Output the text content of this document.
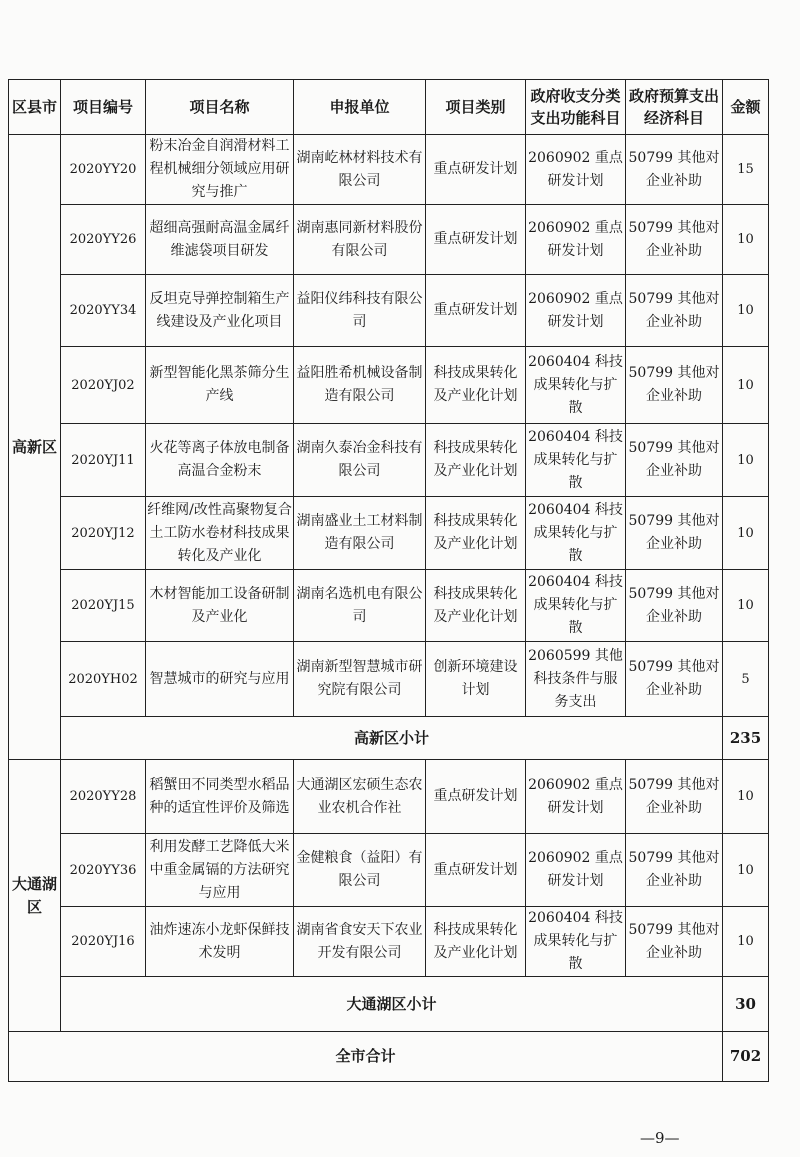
区县市	项目编号	项目名称	申报单位	项目类别	政府收支分类支出功能科目	政府预算支出经济科目	金额
高新区	2020YY20	粉末冶金自润滑材料工程机械细分领域应用研究与推广	湖南屹林材料技术有限公司	重点研发计划	2060902 重点研发计划	50799 其他对企业补助	15
	2020YY26	超细高强耐高温金属纤维滤袋项目研发	湖南惠同新材料股份有限公司	重点研发计划	2060902 重点研发计划	50799 其他对企业补助	10
	2020YY34	反坦克导弹控制箱生产线建设及产业化项目	益阳仪纬科技有限公司	重点研发计划	2060902 重点研发计划	50799 其他对企业补助	10
	2020YJ02	新型智能化黑茶筛分生产线	益阳胜希机械设备制造有限公司	科技成果转化及产业化计划	2060404 科技成果转化与扩散	50799 其他对企业补助	10
	2020YJ11	火花等离子体放电制备高温合金粉末	湖南久泰冶金科技有限公司	科技成果转化及产业化计划	2060404 科技成果转化与扩散	50799 其他对企业补助	10
	2020YJ12	纤维网/改性高聚物复合土工防水卷材科技成果转化及产业化	湖南盛业土工材料制造有限公司	科技成果转化及产业化计划	2060404 科技成果转化与扩散	50799 其他对企业补助	10
	2020YJ15	木材智能加工设备研制及产业化	湖南名选机电有限公司	科技成果转化及产业化计划	2060404 科技成果转化与扩散	50799 其他对企业补助	10
	2020YH02	智慧城市的研究与应用	湖南新型智慧城市研究院有限公司	创新环境建设计划	2060599 其他科技条件与服务支出	50799 其他对企业补助	5
	高新区小计						235
大通湖区	2020YY28	稻蟹田不同类型水稻品种的适宜性评价及筛选	大通湖区宏硕生态农业农机合作社	重点研发计划	2060902 重点研发计划	50799 其他对企业补助	10
	2020YY36	利用发酵工艺降低大米中重金属镉的方法研究与应用	金健粮食（益阳）有限公司	重点研发计划	2060902 重点研发计划	50799 其他对企业补助	10
	2020YJ16	油炸速冻小龙虾保鲜技术发明	湖南省食安天下农业开发有限公司	科技成果转化及产业化计划	2060404 科技成果转化与扩散	50799 其他对企业补助	10
	大通湖区小计						30
全市合计							702
—9—
